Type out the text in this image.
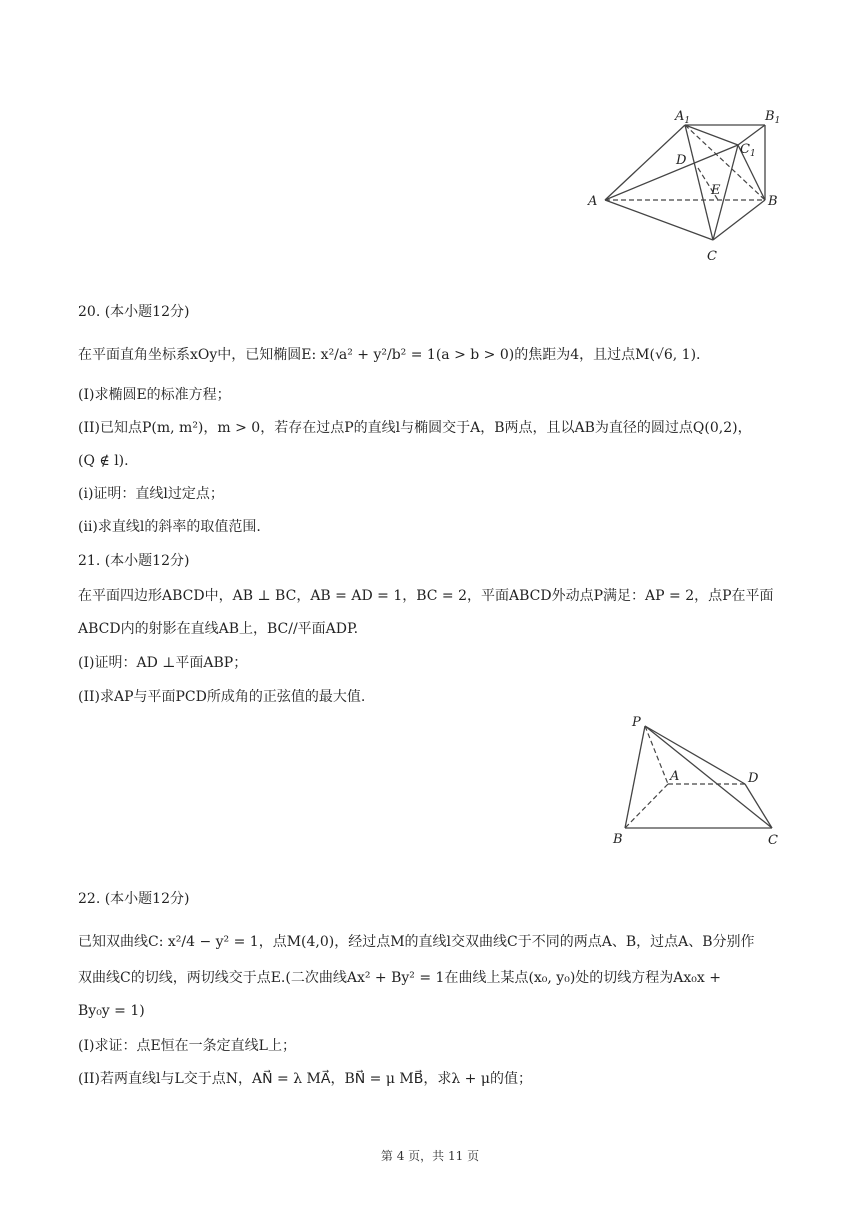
$A_1$	$B_1$
$C_1$
D
E
A	B
C
20. (本小题12分)
在平面直角坐标系xOy中，已知椭圆E: x²/a² + y²/b² = 1(a > b > 0)的焦距为4，且过点M(√6, 1).
(I)求椭圆E的标准方程；
(II)已知点P(m, m²)，m > 0，若存在过点P的直线l与椭圆交于A，B两点，且以AB为直径的圆过点Q(0,2)，
(Q ∉ l).
(i)证明：直线l过定点；
(ii)求直线l的斜率的取值范围.
21. (本小题12分)
在平面四边形ABCD中，AB ⊥ BC，AB = AD = 1，BC = 2，平面ABCD外动点P满足：AP = 2，点P在平面
ABCD内的射影在直线AB上，BC//平面ADP.
(I)证明：AD ⊥平面ABP；
(II)求AP与平面PCD所成角的正弦值的最大值.
P
A	D
B	C
22. (本小题12分)
已知双曲线C: x²/4 − y² = 1，点M(4,0)，经过点M的直线l交双曲线C于不同的两点A、B，过点A、B分别作
双曲线C的切线，两切线交于点E.(二次曲线Ax² + By² = 1在曲线上某点(x₀, y₀)处的切线方程为Ax₀x +
By₀y = 1)
(I)求证：点E恒在一条定直线L上；
(II)若两直线l与L交于点N，AN⃗ = λ MA⃗，BN⃗ = μ MB⃗，求λ + μ的值；
第 4 页，共 11 页
